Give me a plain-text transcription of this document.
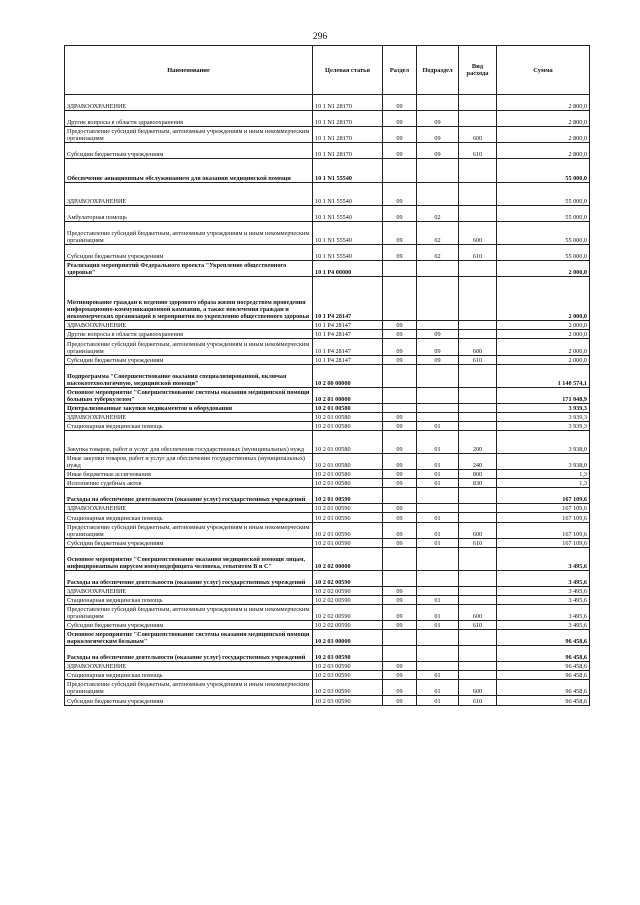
296
Наименование	Целевая статья	Раздел	Подраздел	Вид расхода	Сумма
ЗДРАВООХРАНЕНИЕ	10 1 N1 28170	09			2 800,0
Другие вопросы в области здравоохранения	10 1 N1 28170	09	09		2 800,0
Предоставление субсидий бюджетным, автономным учреждениям и иным некоммерческим организациям	10 1 N1 28170	09	09	600	2 800,0
Субсидии бюджетным учреждениям	10 1 N1 28170	09	09	610	2 800,0
Обеспечение авиационным обслуживанием для оказания медицинской помощи	10 1 N1 55540				55 000,0
ЗДРАВООХРАНЕНИЕ	10 1 N1 55540	09			55 000,0
Амбулаторная помощь	10 1 N1 55540	09	02		55 000,0
Предоставление субсидий бюджетным, автономным учреждениям и иным некоммерческим организациям	10 1 N1 55540	09	02	600	55 000,0
Субсидии бюджетным учреждениям	10 1 N1 55540	09	02	610	55 000,0
Реализация мероприятий Федерального проекта "Укрепление общественного здоровья"	10 1 P4 00000				2 000,0
Мотивирование граждан к ведению здорового образа жизни посредством проведения информационно-коммуникационной кампании, а также вовлечения граждан и некоммерческих организаций в мероприятия по укреплению общественного здоровья	10 1 P4 28147				2 000,0
ЗДРАВООХРАНЕНИЕ	10 1 P4 28147	09			2 000,0
Другие вопросы в области здравоохранения	10 1 P4 28147	09	09		2 000,0
Предоставление субсидий бюджетным, автономным учреждениям и иным некоммерческим организациям	10 1 P4 28147	09	09	600	2 000,0
Субсидии бюджетным учреждениям	10 1 P4 28147	09	09	610	2 000,0
Подпрограмма "Совершенствование оказания специализированной, включая высокотехнологичную, медицинской помощи"	10 2 00 00000				1 140 574,1
Основное мероприятие "Совершенствование системы оказания медицинской помощи больным туберкулезом"	10 2 01 00000				171 048,9
Централизованные закупки медикаментов и оборудования	10 2 01 00580				3 939,3
ЗДРАВООХРАНЕНИЕ	10 2 01 00580	09			3 939,3
Стационарная медицинская помощь	10 2 01 00580	09	01		3 939,3
Закупка товаров, работ и услуг для обеспечения государственных (муниципальных) нужд	10 2 01 00580	09	01	200	3 938,0
Иные закупки товаров, работ и услуг для обеспечения государственных (муниципальных) нужд	10 2 01 00580	09	01	240	3 938,0
Иные бюджетные ассигнования	10 2 01 00580	09	01	800	1,3
Исполнение судебных актов	10 2 01 00580	09	01	830	1,3
Расходы на обеспечение деятельности (оказание услуг) государственных учреждений	10 2 01 00590				167 109,6
ЗДРАВООХРАНЕНИЕ	10 2 01 00590	09			167 109,6
Стационарная медицинская помощь	10 2 01 00590	09	01		167 109,6
Предоставление субсидий бюджетным, автономным учреждениям и иным некоммерческим организациям	10 2 01 00590	09	01	600	167 109,6
Субсидии бюджетным учреждениям	10 2 01 00590	09	01	610	167 109,6
Основное мероприятие "Совершенствование оказания медицинской помощи лицам, инфицированным вирусом иммунодефицита человека, гепатитом B и C"	10 2 02 00000				3 495,6
Расходы на обеспечение деятельности (оказание услуг) государственных учреждений	10 2 02 00590				3 495,6
ЗДРАВООХРАНЕНИЕ	10 2 02 00590	09			3 495,6
Стационарная медицинская помощь	10 2 02 00590	09	01		3 495,6
Предоставление субсидий бюджетным, автономным учреждениям и иным некоммерческим организациям	10 2 02 00590	09	01	600	3 495,6
Субсидии бюджетным учреждениям	10 2 02 00590	09	01	610	3 495,6
Основное мероприятие "Совершенствование системы оказания медицинской помощи наркологическим больным"	10 2 03 00000				96 458,6
Расходы на обеспечение деятельности (оказание услуг) государственных учреждений	10 2 03 00590				96 458,6
ЗДРАВООХРАНЕНИЕ	10 2 03 00590	09			96 458,6
Стационарная медицинская помощь	10 2 03 00590	09	01		96 458,6
Предоставление субсидий бюджетным, автономным учреждениям и иным некоммерческим организациям	10 2 03 00590	09	01	600	96 458,6
Субсидии бюджетным учреждениям	10 2 03 00590	09	01	610	96 458,6
